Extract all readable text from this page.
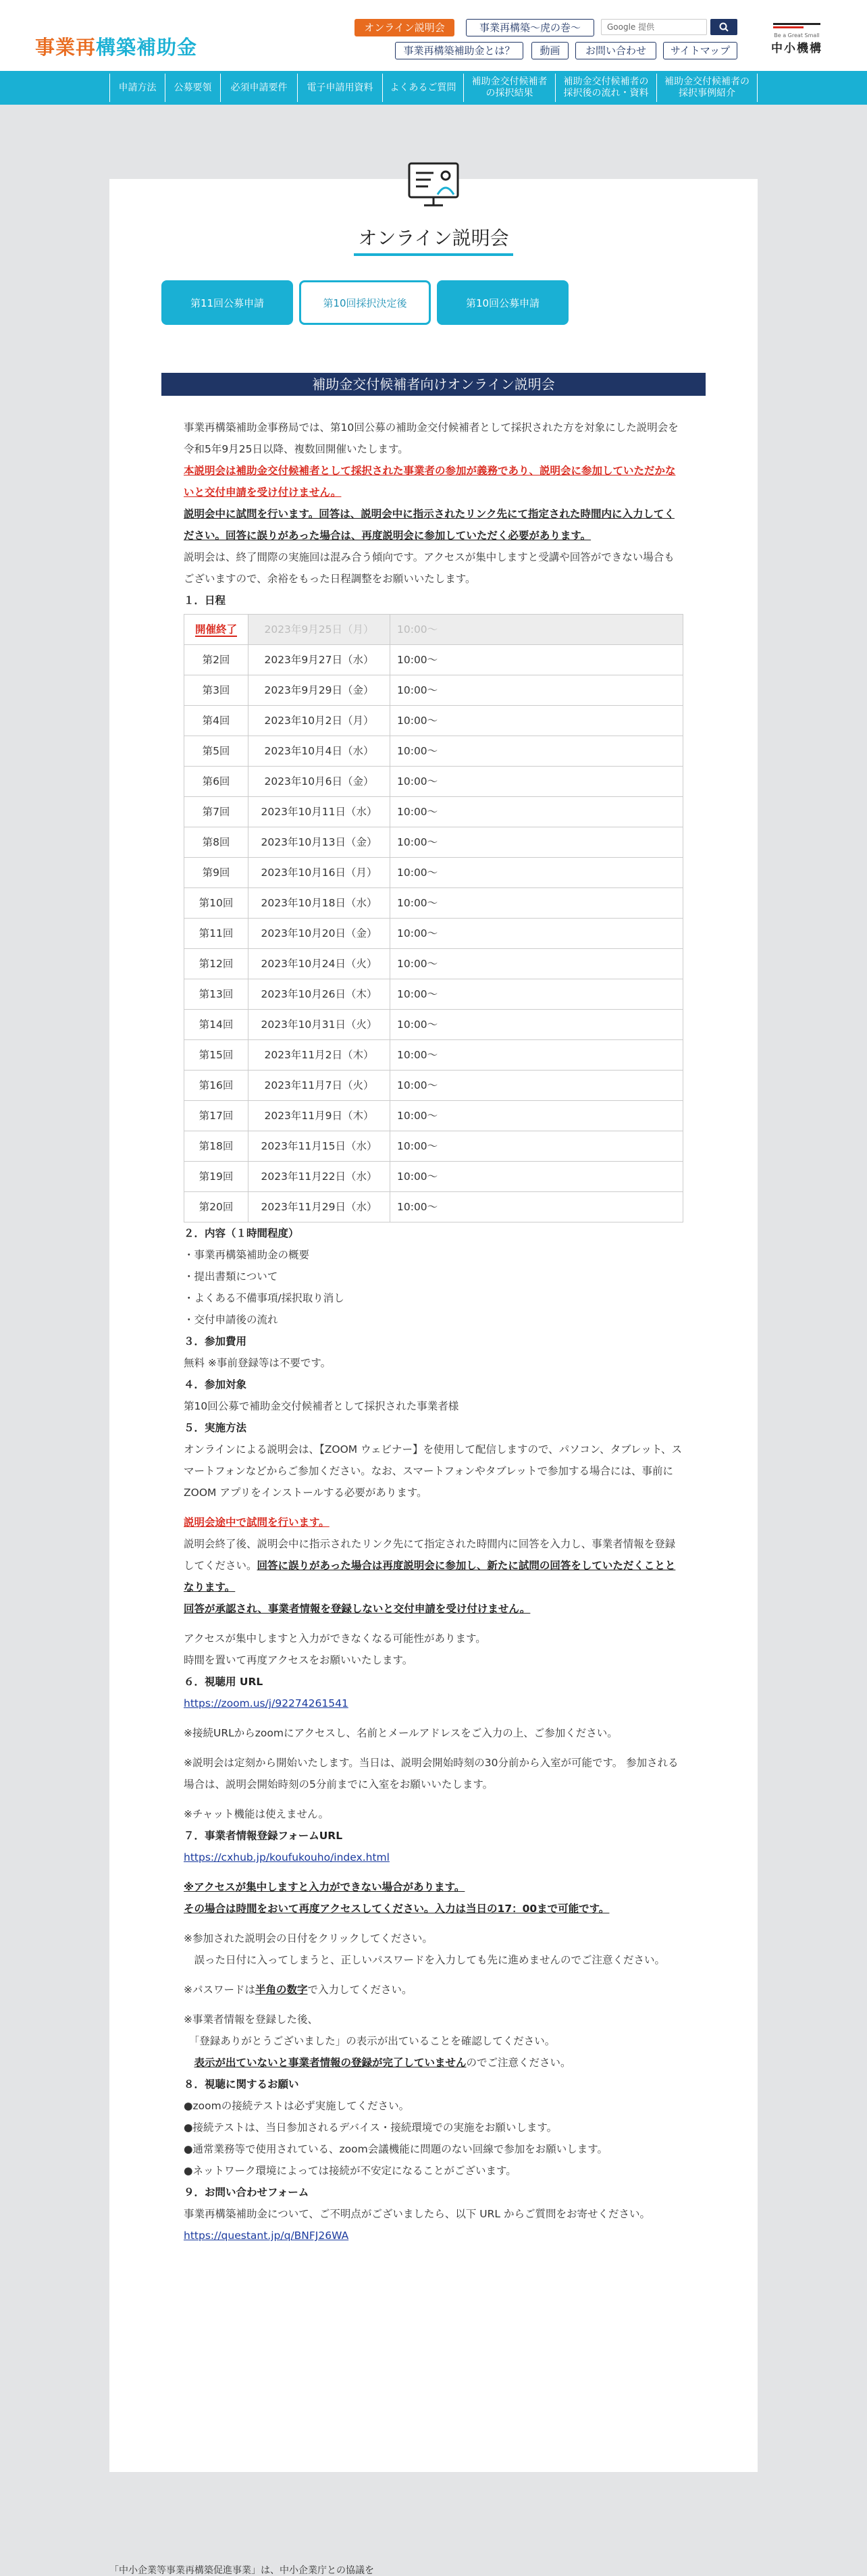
事業再構築補助金
オンライン説明会	事業再構築〜虎の巻〜	Google 提供
事業再構築補助金とは？	動画	お問い合わせ	サイトマップ
Be a Great Small
中小機構
申請方法	公募要領	必須申請要件	電子申請用資料	よくあるご質問
補助金交付候補者
の採択結果
補助金交付候補者の
採択後の流れ・資料
補助金交付候補者の
採択事例紹介
オンライン説明会
第11回公募申請	第10回採択決定後	第10回公募申請
補助金交付候補者向けオンライン説明会

事業再構築補助金事務局では、第10回公募の補助金交付候補者として採択された方を対象にした説明会を令和5年9月25日以降、複数回開催いたします。

本説明会は補助金交付候補者として採択された事業者の参加が義務であり、説明会に参加していただかないと交付申請を受け付けません。

説明会中に試問を行います。回答は、説明会中に指示されたリンク先にて指定された時間内に入力してください。回答に誤りがあった場合は、再度説明会に参加していただく必要があります。

説明会は、終了間際の実施回は混み合う傾向です。アクセスが集中しますと受講や回答ができない場合もございますので、余裕をもった日程調整をお願いいたします。

１．日程

開催終了	2023年9月25日（月）	10:00〜
第2回	2023年9月27日（水）	10:00〜
第3回	2023年9月29日（金）	10:00〜
第4回	2023年10月2日（月）	10:00〜
第5回	2023年10月4日（水）	10:00〜
第6回	2023年10月6日（金）	10:00〜
第7回	2023年10月11日（水）	10:00〜
第8回	2023年10月13日（金）	10:00〜
第9回	2023年10月16日（月）	10:00〜
第10回	2023年10月18日（水）	10:00〜
第11回	2023年10月20日（金）	10:00〜
第12回	2023年10月24日（火）	10:00〜
第13回	2023年10月26日（木）	10:00〜
第14回	2023年10月31日（火）	10:00〜
第15回	2023年11月2日（木）	10:00〜
第16回	2023年11月7日（火）	10:00〜
第17回	2023年11月9日（木）	10:00〜
第18回	2023年11月15日（水）	10:00〜
第19回	2023年11月22日（水）	10:00〜
第20回	2023年11月29日（水）	10:00〜

２．内容（１時間程度）

・事業再構築補助金の概要

・提出書類について

・よくある不備事項/採択取り消し

・交付申請後の流れ

３．参加費用

無料 ※事前登録等は不要です。

４．参加対象

第10回公募で補助金交付候補者として採択された事業者様

５．実施方法

オンラインによる説明会は、【ZOOM ウェビナー】を使用して配信しますので、パソコン、タブレット、スマートフォンなどからご参加ください。なお、スマートフォンやタブレットで参加する場合には、事前に ZOOM アプリをインストールする必要があります。

説明会途中で試問を行います。

説明会終了後、説明会中に指示されたリンク先にて指定された時間内に回答を入力し、事業者情報を登録してください。回答に誤りがあった場合は再度説明会に参加し、新たに試問の回答をしていただくこととなります。

回答が承認され、事業者情報を登録しないと交付申請を受け付けません。

アクセスが集中しますと入力ができなくなる可能性があります。

時間を置いて再度アクセスをお願いいたします。

６．視聴用 URL

https://zoom.us/j/92274261541

※接続URLからzoomにアクセスし、名前とメールアドレスをご入力の上、ご参加ください。

※説明会は定刻から開始いたします。当日は、説明会開始時刻の30分前から入室が可能です。 参加される場合は、説明会開始時刻の5分前までに入室をお願いいたします。

※チャット機能は使えません。

７．事業者情報登録フォームURL

https://cxhub.jp/koufukouho/index.html

※アクセスが集中しますと入力ができない場合があります。

その場合は時間をおいて再度アクセスしてください。入力は当日の17：00まで可能です。

※参加された説明会の日付をクリックしてください。

　誤った日付に入ってしまうと、正しいパスワードを入力しても先に進めませんのでご注意ください。

※パスワードは半角の数字で入力してください。

※事業者情報を登録した後、

　「登録ありがとうございました」の表示が出ていることを確認してください。

　表示が出ていないと事業者情報の登録が完了していませんのでご注意ください。

８．視聴に関するお願い

●zoomの接続テストは必ず実施してください。

●接続テストは、当日参加されるデバイス・接続環境での実施をお願いします。

●通常業務等で使用されている、zoom会議機能に問題のない回線で参加をお願いします。

●ネットワーク環境によっては接続が不安定になることがございます。

９．お問い合わせフォーム

事業再構築補助金について、ご不明点がございましたら、以下 URL からご質問をお寄せください。

https://questant.jp/q/BNFJ26WA

「中小企業等事業再構築促進事業」は、中小企業庁との協議を
